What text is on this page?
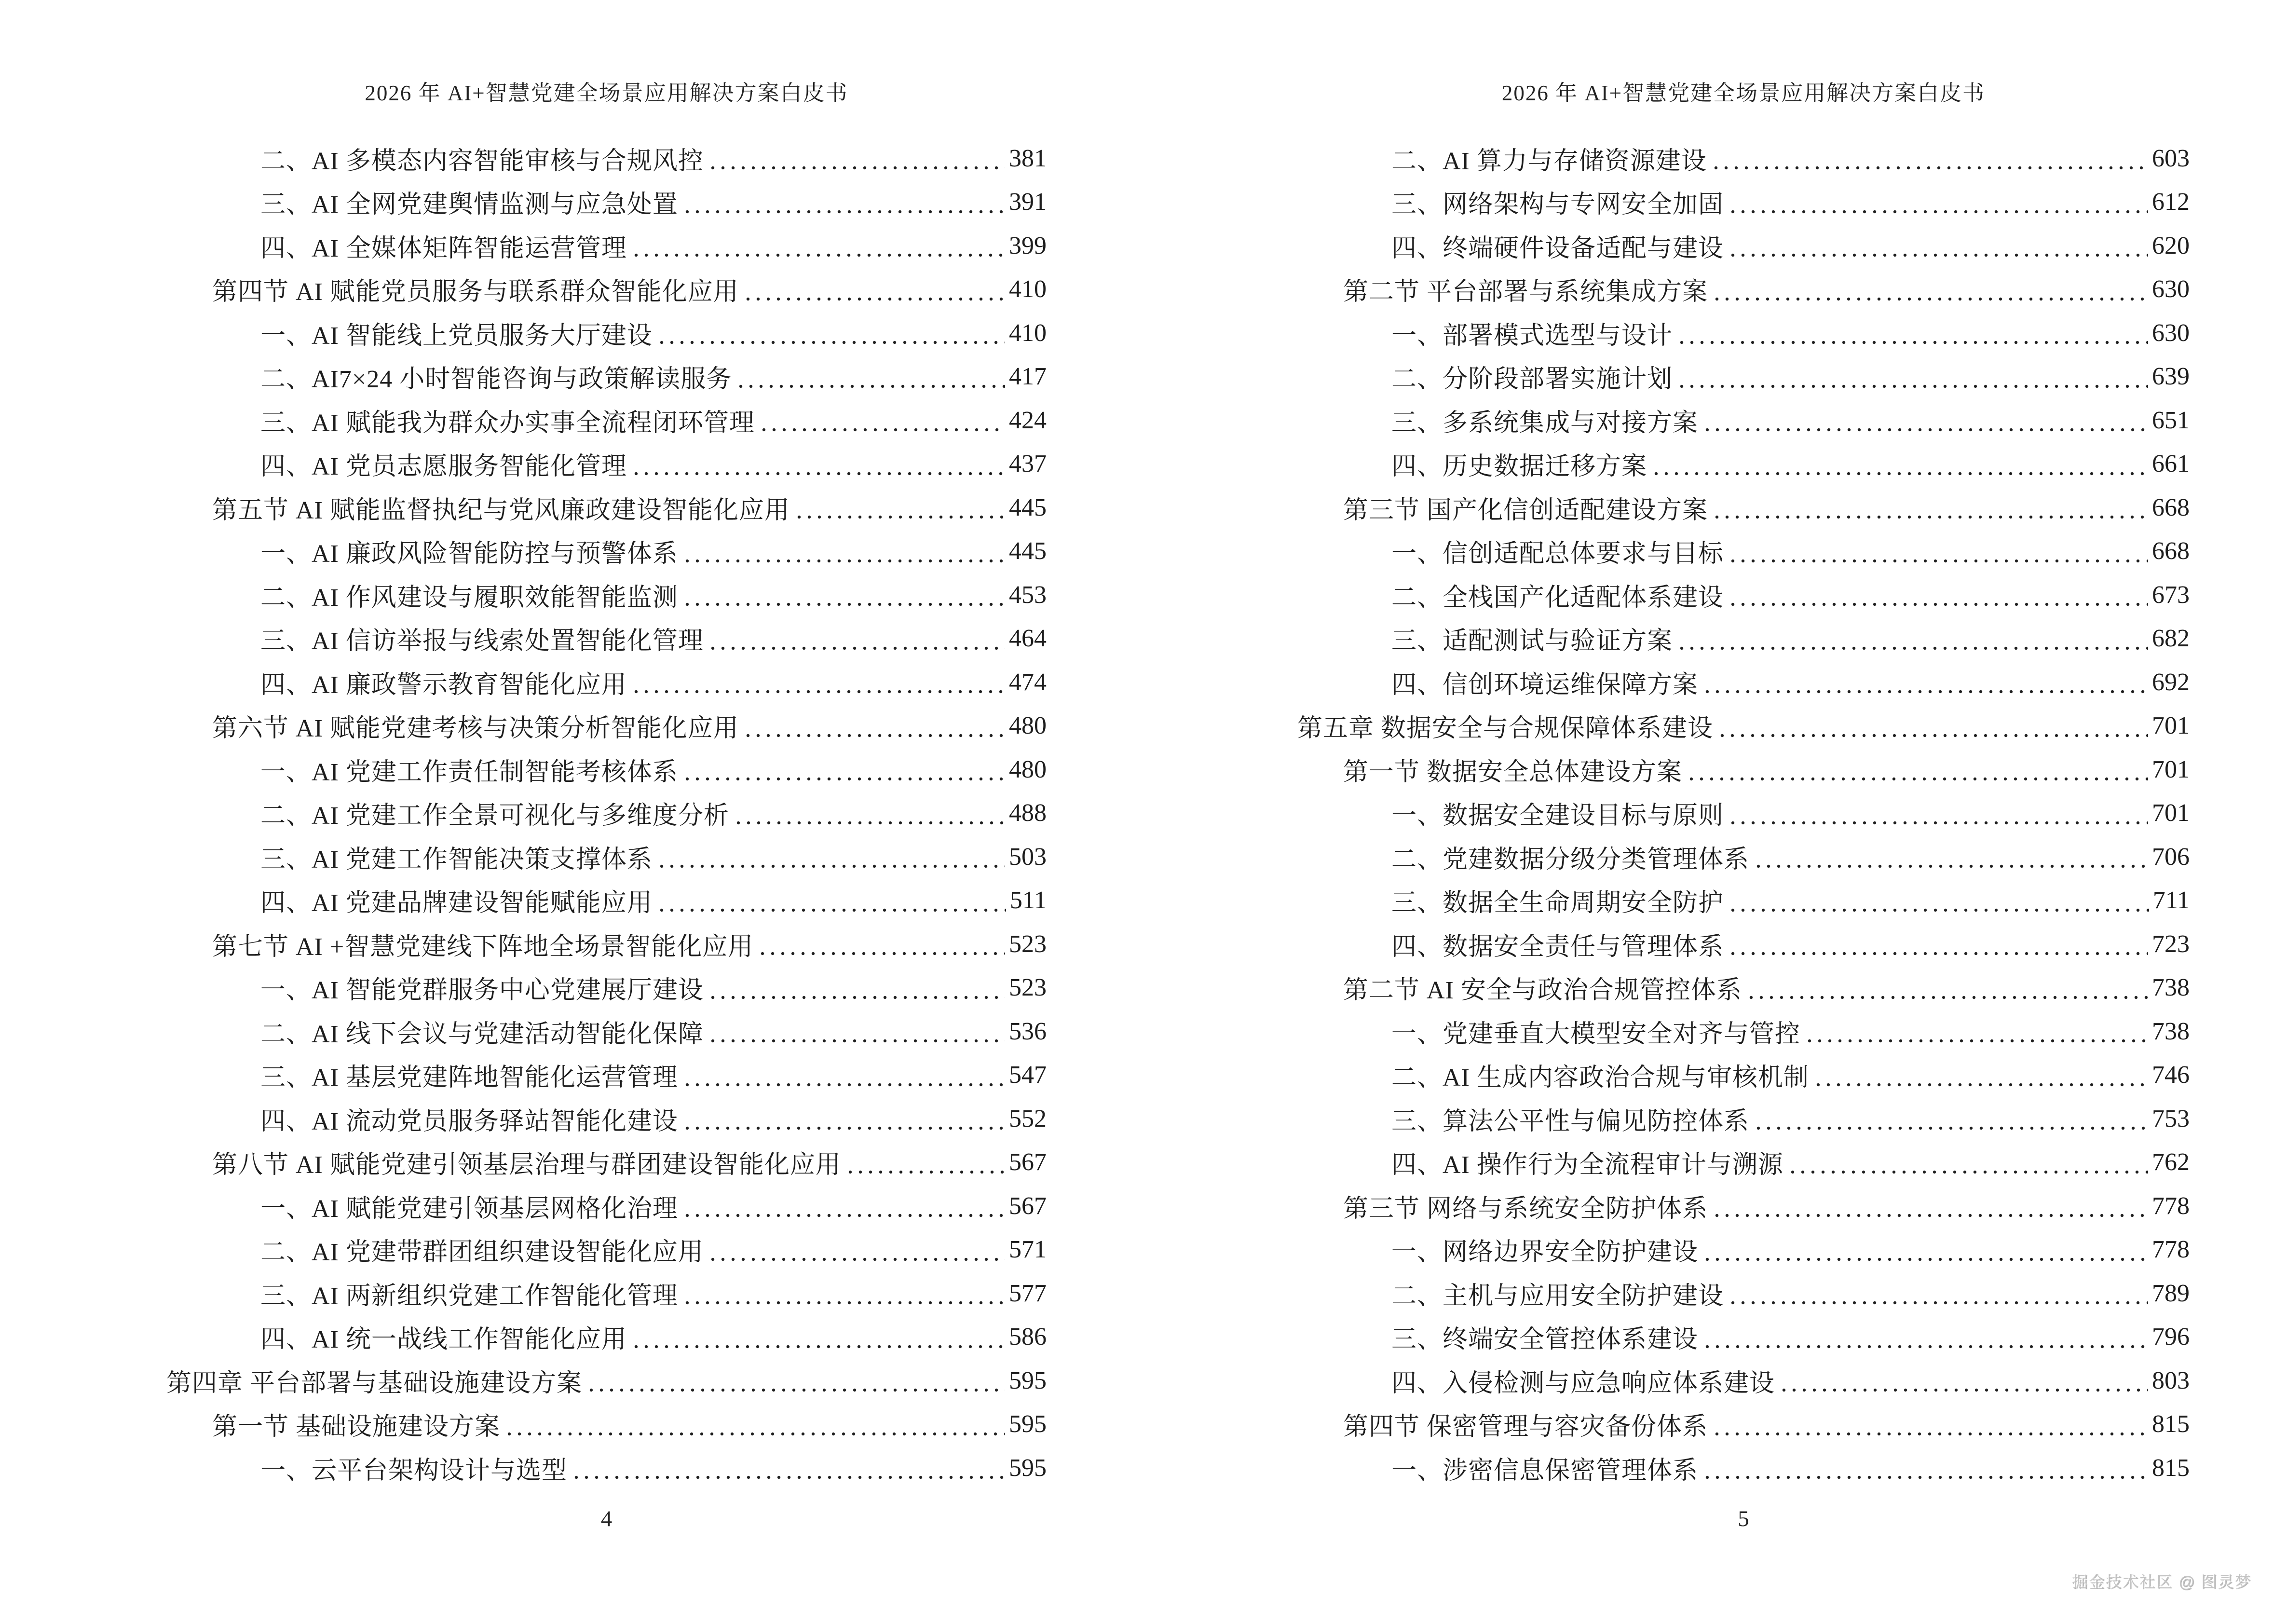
2026 年 AI+智慧党建全场景应用解决方案白皮书
二、AI 多模态内容智能审核与合规风控	381
三、AI 全网党建舆情监测与应急处置	391
四、AI 全媒体矩阵智能运营管理	399
第四节 AI 赋能党员服务与联系群众智能化应用	410
一、AI 智能线上党员服务大厅建设	410
二、AI7×24 小时智能咨询与政策解读服务	417
三、AI 赋能我为群众办实事全流程闭环管理	424
四、AI 党员志愿服务智能化管理	437
第五节 AI 赋能监督执纪与党风廉政建设智能化应用	445
一、AI 廉政风险智能防控与预警体系	445
二、AI 作风建设与履职效能智能监测	453
三、AI 信访举报与线索处置智能化管理	464
四、AI 廉政警示教育智能化应用	474
第六节 AI 赋能党建考核与决策分析智能化应用	480
一、AI 党建工作责任制智能考核体系	480
二、AI 党建工作全景可视化与多维度分析	488
三、AI 党建工作智能决策支撑体系	503
四、AI 党建品牌建设智能赋能应用	511
第七节 AI +智慧党建线下阵地全场景智能化应用	523
一、AI 智能党群服务中心党建展厅建设	523
二、AI 线下会议与党建活动智能化保障	536
三、AI 基层党建阵地智能化运营管理	547
四、AI 流动党员服务驿站智能化建设	552
第八节 AI 赋能党建引领基层治理与群团建设智能化应用	567
一、AI 赋能党建引领基层网格化治理	567
二、AI 党建带群团组织建设智能化应用	571
三、AI 两新组织党建工作智能化管理	577
四、AI 统一战线工作智能化应用	586
第四章 平台部署与基础设施建设方案	595
第一节 基础设施建设方案	595
一、云平台架构设计与选型	595
4
2026 年 AI+智慧党建全场景应用解决方案白皮书
二、AI 算力与存储资源建设	603
三、网络架构与专网安全加固	612
四、终端硬件设备适配与建设	620
第二节 平台部署与系统集成方案	630
一、部署模式选型与设计	630
二、分阶段部署实施计划	639
三、多系统集成与对接方案	651
四、历史数据迁移方案	661
第三节 国产化信创适配建设方案	668
一、信创适配总体要求与目标	668
二、全栈国产化适配体系建设	673
三、适配测试与验证方案	682
四、信创环境运维保障方案	692
第五章 数据安全与合规保障体系建设	701
第一节 数据安全总体建设方案	701
一、数据安全建设目标与原则	701
二、党建数据分级分类管理体系	706
三、数据全生命周期安全防护	711
四、数据安全责任与管理体系	723
第二节 AI 安全与政治合规管控体系	738
一、党建垂直大模型安全对齐与管控	738
二、AI 生成内容政治合规与审核机制	746
三、算法公平性与偏见防控体系	753
四、AI 操作行为全流程审计与溯源	762
第三节 网络与系统安全防护体系	778
一、网络边界安全防护建设	778
二、主机与应用安全防护建设	789
三、终端安全管控体系建设	796
四、入侵检测与应急响应体系建设	803
第四节 保密管理与容灾备份体系	815
一、涉密信息保密管理体系	815
5
掘金技术社区 @ 图灵梦
